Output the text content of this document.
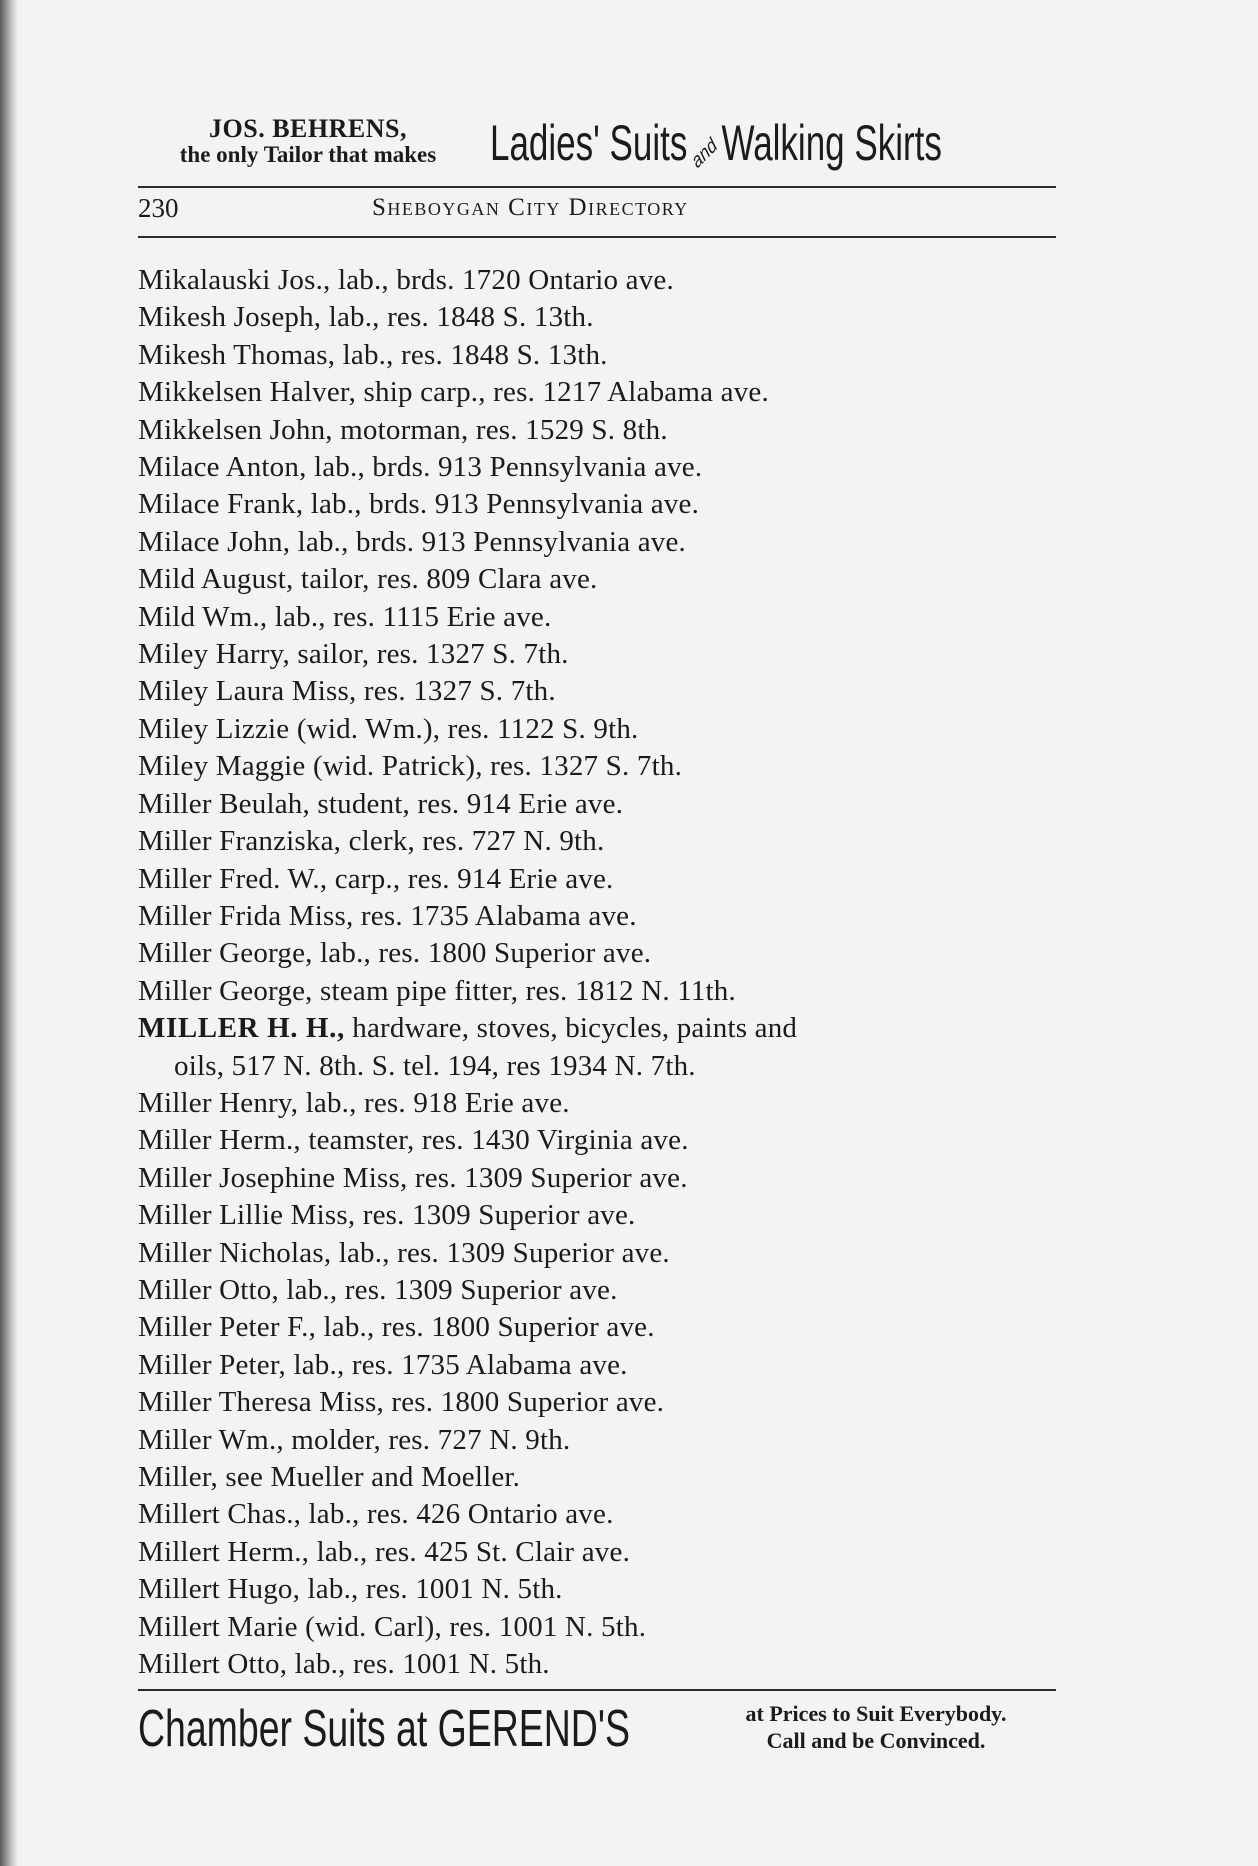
JOS. BEHRENS,
the only Tailor that makes	Ladies' SuitsandWalking Skirts
230	Sheboygan City Directory
Mikalauski Jos., lab., brds. 1720 Ontario ave.
Mikesh Joseph, lab., res. 1848 S. 13th.
Mikesh Thomas, lab., res. 1848 S. 13th.
Mikkelsen Halver, ship carp., res. 1217 Alabama ave.
Mikkelsen John, motorman, res. 1529 S. 8th.
Milace Anton, lab., brds. 913 Pennsylvania ave.
Milace Frank, lab., brds. 913 Pennsylvania ave.
Milace John, lab., brds. 913 Pennsylvania ave.
Mild August, tailor, res. 809 Clara ave.
Mild Wm., lab., res. 1115 Erie ave.
Miley Harry, sailor, res. 1327 S. 7th.
Miley Laura Miss, res. 1327 S. 7th.
Miley Lizzie (wid. Wm.), res. 1122 S. 9th.
Miley Maggie (wid. Patrick), res. 1327 S. 7th.
Miller Beulah, student, res. 914 Erie ave.
Miller Franziska, clerk, res. 727 N. 9th.
Miller Fred. W., carp., res. 914 Erie ave.
Miller Frida Miss, res. 1735 Alabama ave.
Miller George, lab., res. 1800 Superior ave.
Miller George, steam pipe fitter, res. 1812 N. 11th.
MILLER H. H., hardware, stoves, bicycles, paints and
oils, 517 N. 8th. S. tel. 194, res 1934 N. 7th.
Miller Henry, lab., res. 918 Erie ave.
Miller Herm., teamster, res. 1430 Virginia ave.
Miller Josephine Miss, res. 1309 Superior ave.
Miller Lillie Miss, res. 1309 Superior ave.
Miller Nicholas, lab., res. 1309 Superior ave.
Miller Otto, lab., res. 1309 Superior ave.
Miller Peter F., lab., res. 1800 Superior ave.
Miller Peter, lab., res. 1735 Alabama ave.
Miller Theresa Miss, res. 1800 Superior ave.
Miller Wm., molder, res. 727 N. 9th.
Miller, see Mueller and Moeller.
Millert Chas., lab., res. 426 Ontario ave.
Millert Herm., lab., res. 425 St. Clair ave.
Millert Hugo, lab., res. 1001 N. 5th.
Millert Marie (wid. Carl), res. 1001 N. 5th.
Millert Otto, lab., res. 1001 N. 5th.
Chamber Suits at GEREND'S	at Prices to Suit Everybody.
Call and be Convinced.
